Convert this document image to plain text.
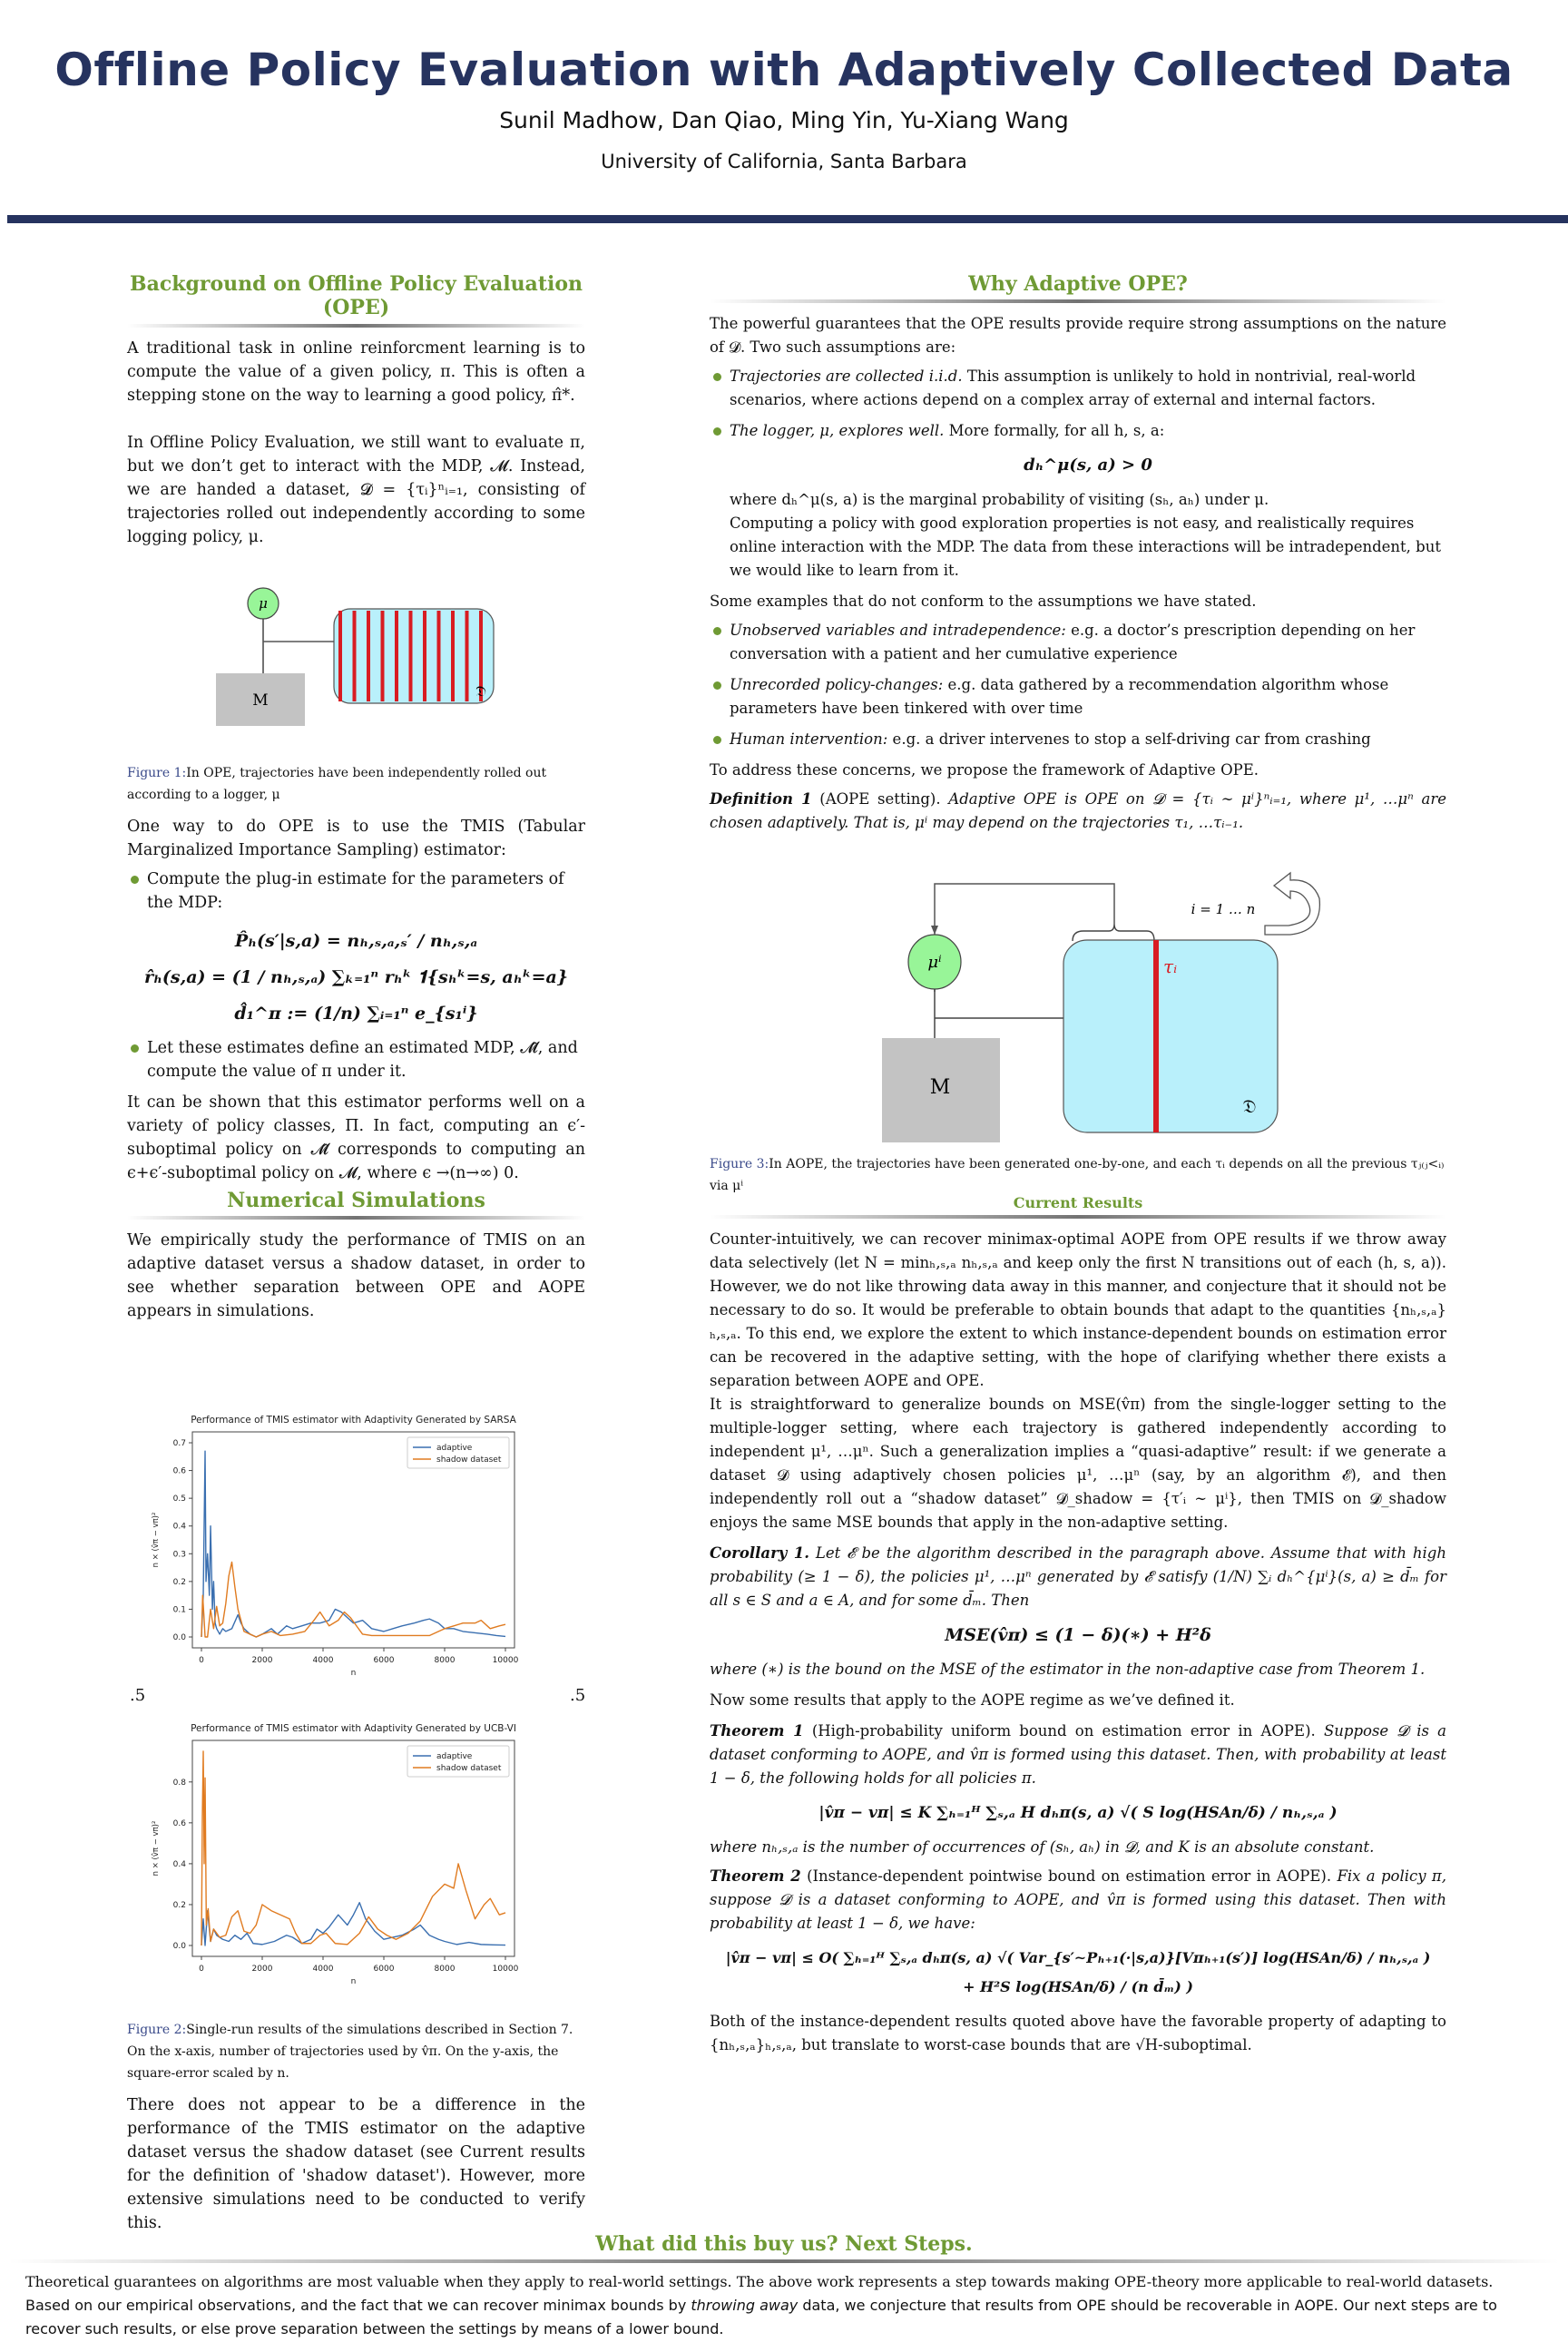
Offline Policy Evaluation with Adaptively Collected Data
Sunil Madhow, Dan Qiao, Ming Yin, Yu-Xiang Wang
University of California, Santa Barbara
Background on Offline Policy Evaluation (OPE)

A traditional task in online reinforcment learning is to compute the value of a given policy, π. This is often a stepping stone on the way to learning a good policy, π̂*.

In Offline Policy Evaluation, we still want to evaluate π, but we don’t get to interact with the MDP, 𝓜. Instead, we are handed a dataset, 𝓓 = {τᵢ}ⁿᵢ₌₁, consisting of trajectories rolled out independently according to some logging policy, μ.

μ
M
𝔇
Figure 1:In OPE, trajectories have been independently rolled out according to a logger, μ

One way to do OPE is to use the TMIS (Tabular Marginalized Importance Sampling) estimator:

Compute the plug-in estimate for the parameters of the MDP:
P̂ₕ(s′|s,a) = nₕ,ₛ,ₐ,ₛ′ / nₕ,ₛ,ₐ
r̂ₕ(s,a) = (1 / nₕ,ₛ,ₐ) ∑ₖ₌₁ⁿ rₕᵏ 𝟏{sₕᵏ=s, aₕᵏ=a}
d̂₁^π := (1/n) ∑ᵢ₌₁ⁿ e_{s₁ⁱ}
Let these estimates define an estimated MDP, 𝓜̂, and compute the value of π under it.

It can be shown that this estimator performs well on a variety of policy classes, Π. In fact, computing an ϵ′-suboptimal policy on 𝓜̂ corresponds to computing an ϵ+ϵ′-suboptimal policy on 𝓜, where ϵ →(n→∞) 0.

Numerical Simulations

We empirically study the performance of TMIS on an adaptive dataset versus a shadow dataset, in order to see whether separation between OPE and AOPE appears in simulations.

Performance of TMIS estimator with Adaptivity Generated by SARSA
0	2000	4000	6000	8000	10000
0.0
0.1
0.2
0.3
0.4
0.5
0.6
0.7
n
n × (v̂π − vπ)²
adaptive
shadow dataset
.5	.5
Performance of TMIS estimator with Adaptivity Generated by UCB-VI
0	2000	4000	6000	8000	10000
0.0
0.2
0.4
0.6
0.8
n
n × (v̂π − vπ)²
adaptive
shadow dataset
Figure 2:Single-run results of the simulations described in Section 7. On the x-axis, number of trajectories used by v̂π. On the y-axis, the square-error scaled by n.

There does not appear to be a difference in the performance of the TMIS estimator on the adaptive dataset versus the shadow dataset (see Current results for the definition of 'shadow dataset'). However, more extensive simulations need to be conducted to verify this.

Why Adaptive OPE?

The powerful guarantees that the OPE results provide require strong assumptions on the nature of 𝓓. Two such assumptions are:

Trajectories are collected i.i.d. This assumption is unlikely to hold in nontrivial, real-world scenarios, where actions depend on a complex array of external and internal factors.
The logger, μ, explores well. More formally, for all h, s, a:
dₕ^μ(s, a) > 0
where dₕ^μ(s, a) is the marginal probability of visiting (sₕ, aₕ) under μ.
Computing a policy with good exploration properties is not easy, and realistically requires online interaction with the MDP. The data from these interactions will be intradependent, but we would like to learn from it.

Some examples that do not conform to the assumptions we have stated.

Unobserved variables and intradependence: e.g. a doctor’s prescription depending on her conversation with a patient and her cumulative experience
Unrecorded policy-changes: e.g. data gathered by a recommendation algorithm whose parameters have been tinkered with over time
Human intervention: e.g. a driver intervenes to stop a self-driving car from crashing

To address these concerns, we propose the framework of Adaptive OPE.

Definition 1 (AOPE setting). Adaptive OPE is OPE on 𝓓 = {τᵢ ∼ μⁱ}ⁿᵢ₌₁, where μ¹, …μⁿ are chosen adaptively. That is, μⁱ may depend on the trajectories τ₁, …τᵢ₋₁.

μⁱ	τᵢ
M
𝔇
i = 1 … n
Figure 3:In AOPE, the trajectories have been generated one-by-one, and each τᵢ depends on all the previous τⱼ₍ⱼ<ᵢ₎ via μⁱ
Current Results

Counter-intuitively, we can recover minimax-optimal AOPE from OPE results if we throw away data selectively (let N = minₕ,ₛ,ₐ nₕ,ₛ,ₐ and keep only the first N transitions out of each (h, s, a)). However, we do not like throwing data away in this manner, and conjecture that it should not be necessary to do so. It would be preferable to obtain bounds that adapt to the quantities {nₕ,ₛ,ₐ}ₕ,ₛ,ₐ. To this end, we explore the extent to which instance-dependent bounds on estimation error can be recovered in the adaptive setting, with the hope of clarifying whether there exists a separation between AOPE and OPE.

It is straightforward to generalize bounds on MSE(v̂π) from the single-logger setting to the multiple-logger setting, where each trajectory is gathered independently according to independent μ¹, …μⁿ. Such a generalization implies a “quasi-adaptive” result: if we generate a dataset 𝓓 using adaptively chosen policies μ¹, …μⁿ (say, by an algorithm 𝓔), and then independently roll out a “shadow dataset” 𝓓_shadow = {τ′ᵢ ∼ μⁱ}, then TMIS on 𝓓_shadow enjoys the same MSE bounds that apply in the non-adaptive setting.

Corollary 1. Let 𝓔 be the algorithm described in the paragraph above. Assume that with high probability (≥ 1 − δ), the policies μ¹, …μⁿ generated by 𝓔 satisfy (1/N) ∑ᵢ dₕ^{μⁱ}(s, a) ≥ d̄ₘ for all s ∈ S and a ∈ A, and for some d̄ₘ. Then

MSE(v̂π) ≤ (1 − δ)(∗) + H²δ

where (∗) is the bound on the MSE of the estimator in the non-adaptive case from Theorem 1.

Now some results that apply to the AOPE regime as we’ve defined it.

Theorem 1 (High-probability uniform bound on estimation error in AOPE). Suppose 𝓓 is a dataset conforming to AOPE, and v̂π is formed using this dataset. Then, with probability at least 1 − δ, the following holds for all policies π.

|v̂π − vπ| ≤ K ∑ₕ₌₁ᴴ ∑ₛ,ₐ H dₕπ(s, a) √( S log(HSAn/δ) / nₕ,ₛ,ₐ )

where nₕ,ₛ,ₐ is the number of occurrences of (sₕ, aₕ) in 𝓓, and K is an absolute constant.

Theorem 2 (Instance-dependent pointwise bound on estimation error in AOPE). Fix a policy π, suppose 𝓓 is a dataset conforming to AOPE, and v̂π is formed using this dataset. Then with probability at least 1 − δ, we have:

|v̂π − vπ| ≤ O( ∑ₕ₌₁ᴴ ∑ₛ,ₐ dₕπ(s, a) √( Var_{s′∼Pₕ₊₁(·|s,a)}[Vπₕ₊₁(s′)] log(HSAn/δ) / nₕ,ₛ,ₐ )
+ H²S log(HSAn/δ) / (n d̄ₘ) )

Both of the instance-dependent results quoted above have the favorable property of adapting to {nₕ,ₛ,ₐ}ₕ,ₛ,ₐ, but translate to worst-case bounds that are √H-suboptimal.

What did this buy us? Next Steps.

Theoretical guarantees on algorithms are most valuable when they apply to real-world settings. The above work represents a step towards making OPE-theory more applicable to real-world datasets.

Based on our empirical observations, and the fact that we can recover minimax bounds by throwing away data, we conjecture that results from OPE should be recoverable in AOPE. Our next steps are to recover such results, or else prove separation between the settings by means of a lower bound.
